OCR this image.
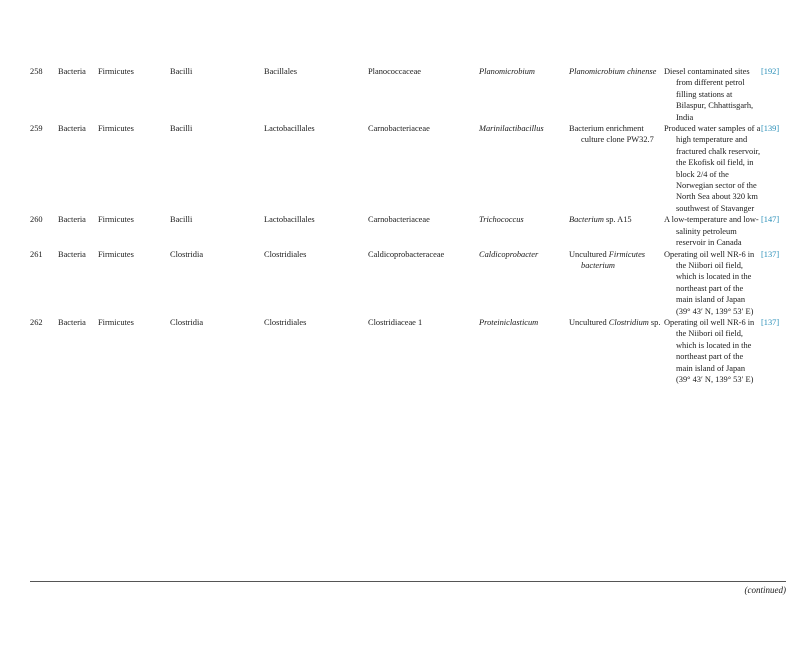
258	Bacteria	Firmicutes	Bacilli	Bacillales	Planococcaceae	Planomicrobium	Planomicrobium chinense	Diesel contaminated sites from different petrol filling stations at Bilaspur, Chhattisgarh, India	[192]
259	Bacteria	Firmicutes	Bacilli	Lactobacillales	Carnobacteriaceae	Marinilactibacillus	Bacterium enrichment culture clone PW32.7	Produced water samples of a high temperature and fractured chalk reservoir, the Ekofisk oil field, in block 2/4 of the Norwegian sector of the North Sea about 320 km southwest of Stavanger	[139]
260	Bacteria	Firmicutes	Bacilli	Lactobacillales	Carnobacteriaceae	Trichococcus	Bacterium sp. A15	A low-temperature and low-salinity petroleum reservoir in Canada	[147]
261	Bacteria	Firmicutes	Clostridia	Clostridiales	Caldicoprobacteraceae	Caldicoprobacter	Uncultured Firmicutes bacterium	Operating oil well NR-6 in the Niibori oil field, which is located in the northeast part of the main island of Japan (39° 43′ N, 139° 53′ E)	[137]
262	Bacteria	Firmicutes	Clostridia	Clostridiales	Clostridiaceae 1	Proteiniclasticum	Uncultured Clostridium sp.	Operating oil well NR-6 in the Niibori oil field, which is located in the northeast part of the main island of Japan (39° 43′ N, 139° 53′ E)	[137]
(continued)
